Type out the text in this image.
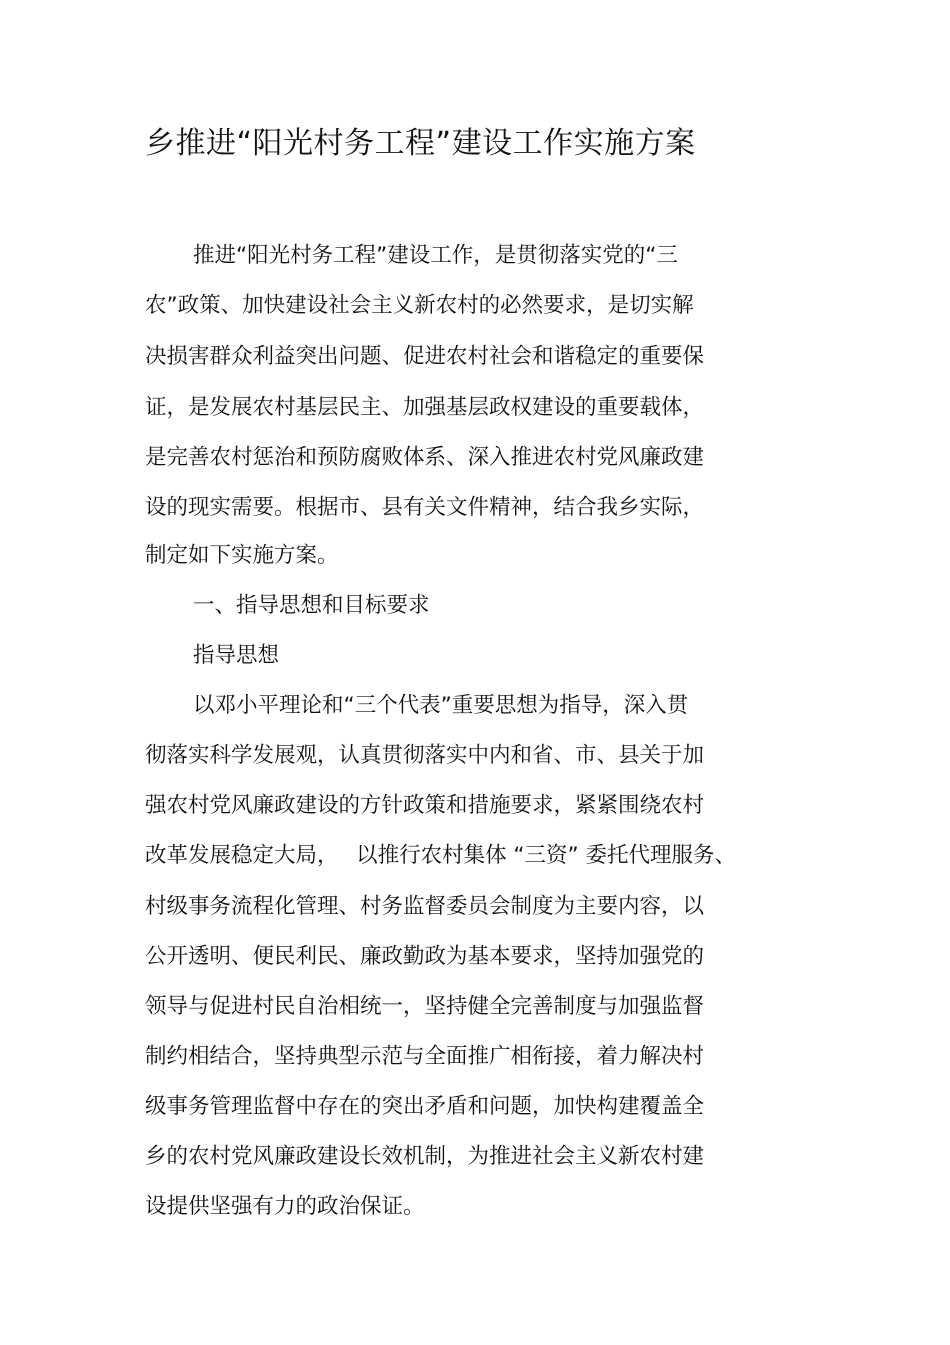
乡推进“阳光村务工程”建设工作实施方案

推进“阳光村务工程”建设工作，是贯彻落实党的“三

农”政策、加快建设社会主义新农村的必然要求，是切实解

决损害群众利益突出问题、促进农村社会和谐稳定的重要保

证，是发展农村基层民主、加强基层政权建设的重要载体，

是完善农村惩治和预防腐败体系、深入推进农村党风廉政建

设的现实需要。根据市、县有关文件精神，结合我乡实际，

制定如下实施方案。

一、指导思想和目标要求

指导思想

以邓小平理论和“三个代表”重要思想为指导，深入贯

彻落实科学发展观，认真贯彻落实中内和省、市、县关于加

强农村党风廉政建设的方针政策和措施要求，紧紧围绕农村

改革发展稳定大局，　 以推行农村集体 “三资” 委托代理服务、

村级事务流程化管理、村务监督委员会制度为主要内容，以

公开透明、便民利民、廉政勤政为基本要求，坚持加强党的

领导与促进村民自治相统一，坚持健全完善制度与加强监督

制约相结合，坚持典型示范与全面推广相衔接，着力解决村

级事务管理监督中存在的突出矛盾和问题，加快构建覆盖全

乡的农村党风廉政建设长效机制，为推进社会主义新农村建

设提供坚强有力的政治保证。
